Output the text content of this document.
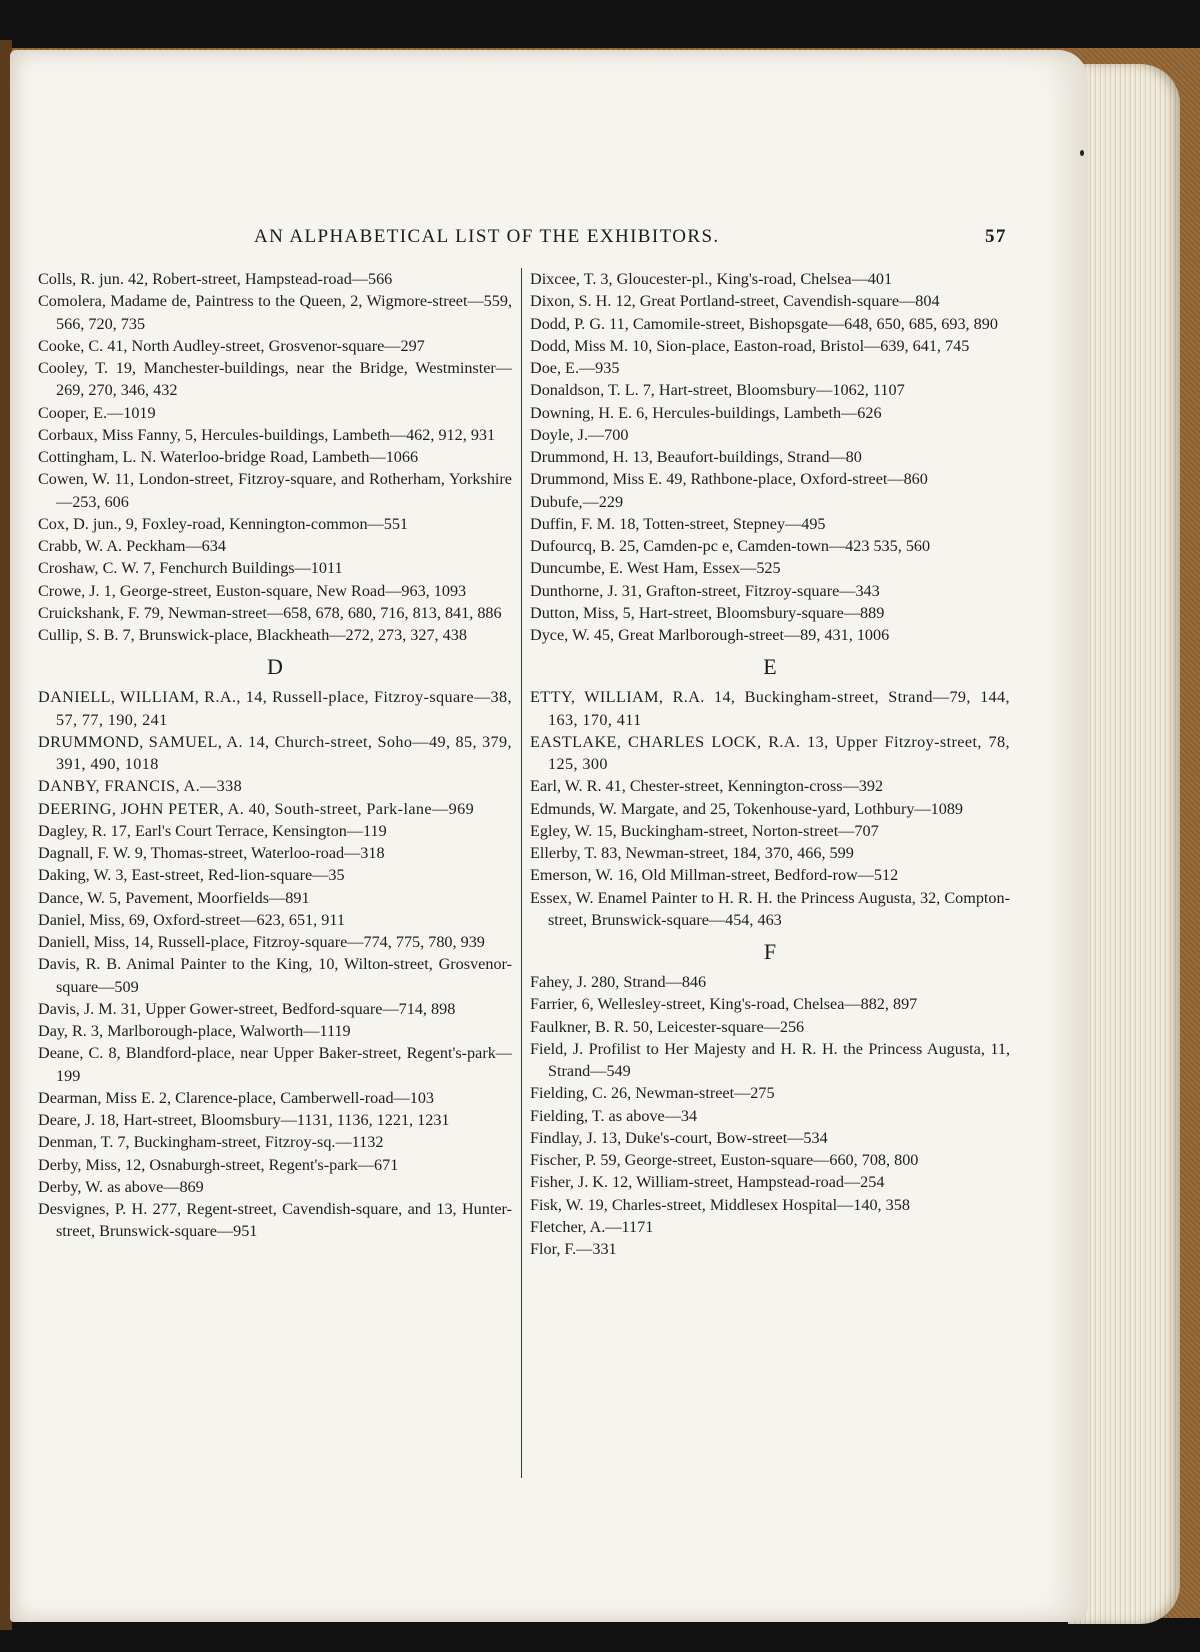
AN ALPHABETICAL LIST OF THE EXHIBITORS.	57

Colls, R. jun. 42, Robert-street, Hampstead-road—566

Comolera, Madame de, Paintress to the Queen, 2, Wigmore-street—559, 566, 720, 735

Cooke, C. 41, North Audley-street, Grosvenor-square—297

Cooley, T. 19, Manchester-buildings, near the Bridge, Westminster—269, 270, 346, 432

Cooper, E.—1019

Corbaux, Miss Fanny, 5, Hercules-buildings, Lambeth—462, 912, 931

Cottingham, L. N. Waterloo-bridge Road, Lambeth—1066

Cowen, W. 11, London-street, Fitzroy-square, and Rotherham, Yorkshire—253, 606

Cox, D. jun., 9, Foxley-road, Kennington-common—551

Crabb, W. A. Peckham—634

Croshaw, C. W. 7, Fenchurch Buildings—1011

Crowe, J. 1, George-street, Euston-square, New Road—963, 1093

Cruickshank, F. 79, Newman-street—658, 678, 680, 716, 813, 841, 886

Cullip, S. B. 7, Brunswick-place, Blackheath—272, 273, 327, 438

D

DANIELL, WILLIAM, R.A., 14, Russell-place, Fitzroy-square—38, 57, 77, 190, 241

DRUMMOND, SAMUEL, A. 14, Church-street, Soho—49, 85, 379, 391, 490, 1018

DANBY, FRANCIS, A.—338

DEERING, JOHN PETER, A. 40, South-street, Park-lane—969

Dagley, R. 17, Earl's Court Terrace, Kensington—119

Dagnall, F. W. 9, Thomas-street, Waterloo-road—318

Daking, W. 3, East-street, Red-lion-square—35

Dance, W. 5, Pavement, Moorfields—891

Daniel, Miss, 69, Oxford-street—623, 651, 911

Daniell, Miss, 14, Russell-place, Fitzroy-square—774, 775, 780, 939

Davis, R. B. Animal Painter to the King, 10, Wilton-street, Grosvenor-square—509

Davis, J. M. 31, Upper Gower-street, Bedford-square—714, 898

Day, R. 3, Marlborough-place, Walworth—1119

Deane, C. 8, Blandford-place, near Upper Baker-street, Regent's-park—199

Dearman, Miss E. 2, Clarence-place, Camberwell-road—103

Deare, J. 18, Hart-street, Bloomsbury—1131, 1136, 1221, 1231

Denman, T. 7, Buckingham-street, Fitzroy-sq.—1132

Derby, Miss, 12, Osnaburgh-street, Regent's-park—671

Derby, W. as above—869

Desvignes, P. H. 277, Regent-street, Cavendish-square, and 13, Hunter-street, Brunswick-square—951

Dixcee, T. 3, Gloucester-pl., King's-road, Chelsea—401

Dixon, S. H. 12, Great Portland-street, Cavendish-square—804

Dodd, P. G. 11, Camomile-street, Bishopsgate—648, 650, 685, 693, 890

Dodd, Miss M. 10, Sion-place, Easton-road, Bristol—639, 641, 745

Doe, E.—935

Donaldson, T. L. 7, Hart-street, Bloomsbury—1062, 1107

Downing, H. E. 6, Hercules-buildings, Lambeth—626

Doyle, J.—700

Drummond, H. 13, Beaufort-buildings, Strand—80

Drummond, Miss E. 49, Rathbone-place, Oxford-street—860

Dubufe,—229

Duffin, F. M. 18, Totten-street, Stepney—495

Dufourcq, B. 25, Camden-pc e, Camden-town—423 535, 560

Duncumbe, E. West Ham, Essex—525

Dunthorne, J. 31, Grafton-street, Fitzroy-square—343

Dutton, Miss, 5, Hart-street, Bloomsbury-square—889

Dyce, W. 45, Great Marlborough-street—89, 431, 1006

E

ETTY, WILLIAM, R.A. 14, Buckingham-street, Strand—79, 144, 163, 170, 411

EASTLAKE, CHARLES LOCK, R.A. 13, Upper Fitzroy-street, 78, 125, 300

Earl, W. R. 41, Chester-street, Kennington-cross—392

Edmunds, W. Margate, and 25, Tokenhouse-yard, Lothbury—1089

Egley, W. 15, Buckingham-street, Norton-street—707

Ellerby, T. 83, Newman-street, 184, 370, 466, 599

Emerson, W. 16, Old Millman-street, Bedford-row—512

Essex, W. Enamel Painter to H. R. H. the Princess Augusta, 32, Compton-street, Brunswick-square—454, 463

F

Fahey, J. 280, Strand—846

Farrier, 6, Wellesley-street, King's-road, Chelsea—882, 897

Faulkner, B. R. 50, Leicester-square—256

Field, J. Profilist to Her Majesty and H. R. H. the Princess Augusta, 11, Strand—549

Fielding, C. 26, Newman-street—275

Fielding, T. as above—34

Findlay, J. 13, Duke's-court, Bow-street—534

Fischer, P. 59, George-street, Euston-square—660, 708, 800

Fisher, J. K. 12, William-street, Hampstead-road—254

Fisk, W. 19, Charles-street, Middlesex Hospital—140, 358

Fletcher, A.—1171

Flor, F.—331
